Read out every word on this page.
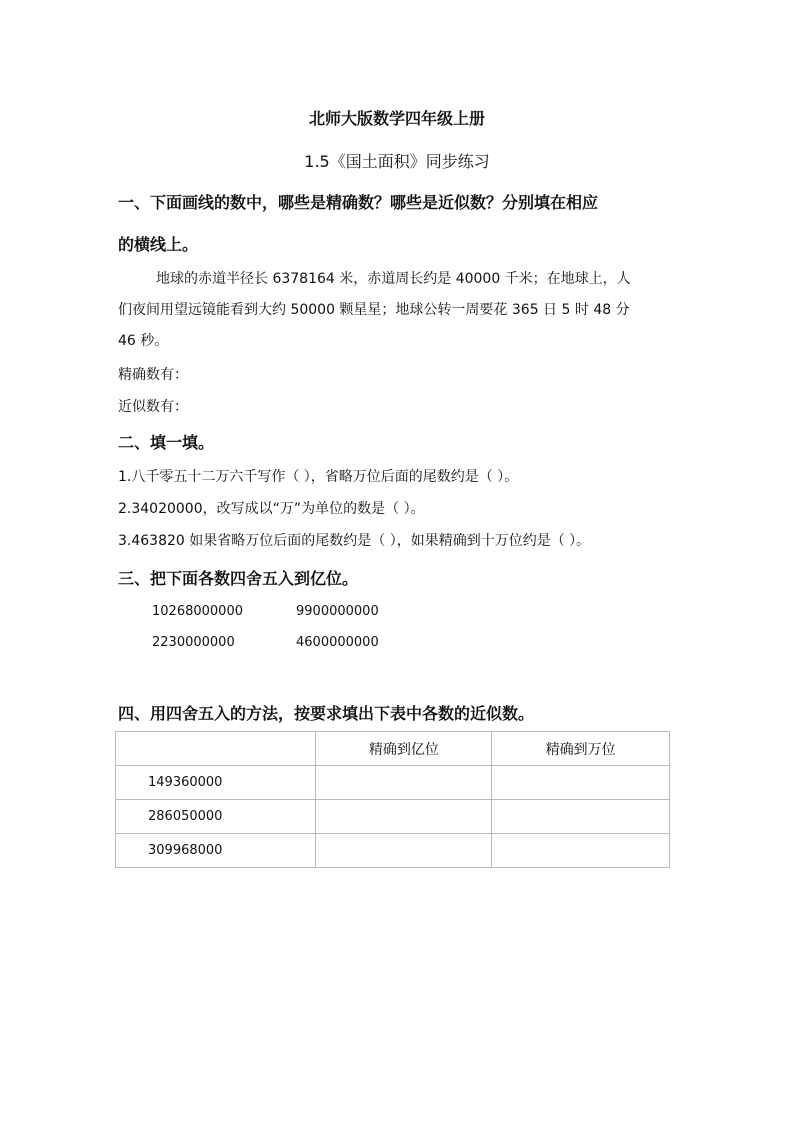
北师大版数学四年级上册
1.5《国土面积》同步练习
一、下面画线的数中，哪些是精确数？哪些是近似数？分别填在相应
的横线上。
地球的赤道半径长 6378164 米，赤道周长约是 40000 千米；在地球上，人
们夜间用望远镜能看到大约 50000 颗星星；地球公转一周要花 365 日 5 时 48 分
46 秒。
精确数有：
近似数有：
二、填一填。
1.八千零五十二万六千写作（ ），省略万位后面的尾数约是（ ）。
2.34020000，改写成以“万”为单位的数是（ ）。
3.463820 如果省略万位后面的尾数约是（ ），如果精确到十万位约是（ ）。
三、把下面各数四舍五入到亿位。
10268000000	9900000000
2230000000	4600000000
四、用四舍五入的方法，按要求填出下表中各数的近似数。
	精确到亿位	精确到万位
149360000		
286050000		
309968000		
